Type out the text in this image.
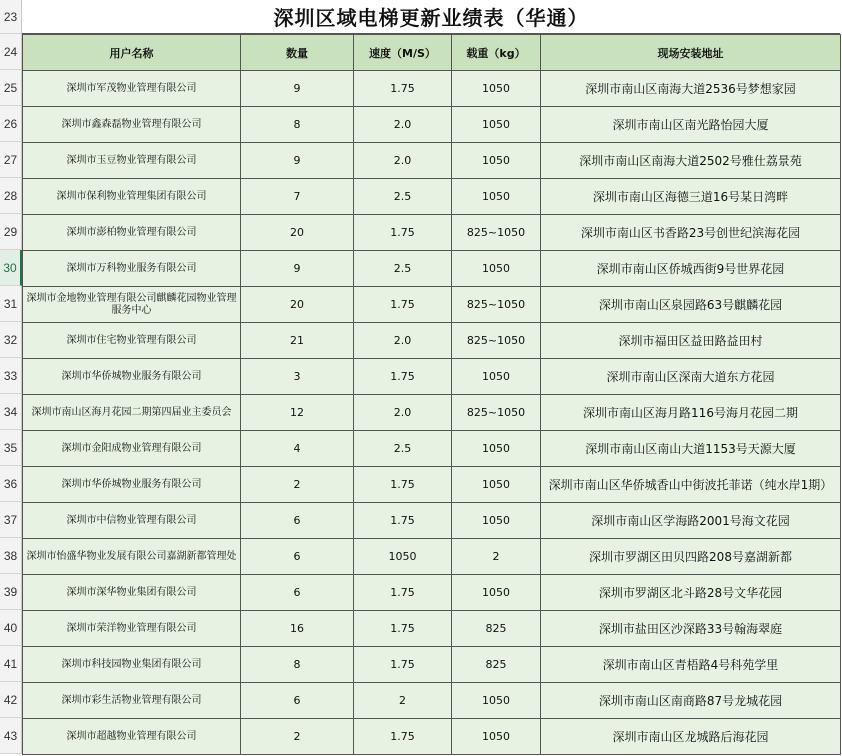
23
24
25
26
27
28
29
30
31
32
33
34
35
36
37
38
39
40
41
42
43
深圳区域电梯更新业绩表（华通）
用户名称	数量	速度（M/S）	载重（kg）	现场安装地址
深圳市军茂物业管理有限公司	9	1.75	1050	深圳市南山区南海大道2536号梦想家园
深圳市鑫森磊物业管理有限公司	8	2.0	1050	深圳市南山区南光路怡园大厦
深圳市玉豆物业管理有限公司	9	2.0	1050	深圳市南山区南海大道2502号雅仕荔景苑
深圳市保利物业管理集团有限公司	7	2.5	1050	深圳市南山区海德三道16号某日湾畔
深圳市澎柏物业管理有限公司	20	1.75	825~1050	深圳市南山区书香路23号创世纪滨海花园
深圳市万科物业服务有限公司	9	2.5	1050	深圳市南山区侨城西街9号世界花园
深圳市金地物业管理有限公司麒麟花园物业管理服务中心	20	1.75	825~1050	深圳市南山区泉园路63号麒麟花园
深圳市住宅物业管理有限公司	21	2.0	825~1050	深圳市福田区益田路益田村
深圳市华侨城物业服务有限公司	3	1.75	1050	深圳市南山区深南大道东方花园
深圳市南山区海月花园二期第四届业主委员会	12	2.0	825~1050	深圳市南山区海月路116号海月花园二期
深圳市金阳成物业管理有限公司	4	2.5	1050	深圳市南山区南山大道1153号天源大厦
深圳市华侨城物业服务有限公司	2	1.75	1050	深圳市南山区华侨城香山中街波托菲诺（纯水岸1期）
深圳市中信物业管理有限公司	6	1.75	1050	深圳市南山区学海路2001号海文花园
深圳市怡盛华物业发展有限公司嘉湖新都管理处	6	1050	2	深圳市罗湖区田贝四路208号嘉湖新都
深圳市深华物业集团有限公司	6	1.75	1050	深圳市罗湖区北斗路28号文华花园
深圳市荣洋物业管理有限公司	16	1.75	825	深圳市盐田区沙深路33号翰海翠庭
深圳市科技园物业集团有限公司	8	1.75	825	深圳市南山区青梧路4号科苑学里
深圳市彩生活物业管理有限公司	6	2	1050	深圳市南山区南商路87号龙城花园
深圳市超越物业管理有限公司	2	1.75	1050	深圳市南山区龙城路后海花园
